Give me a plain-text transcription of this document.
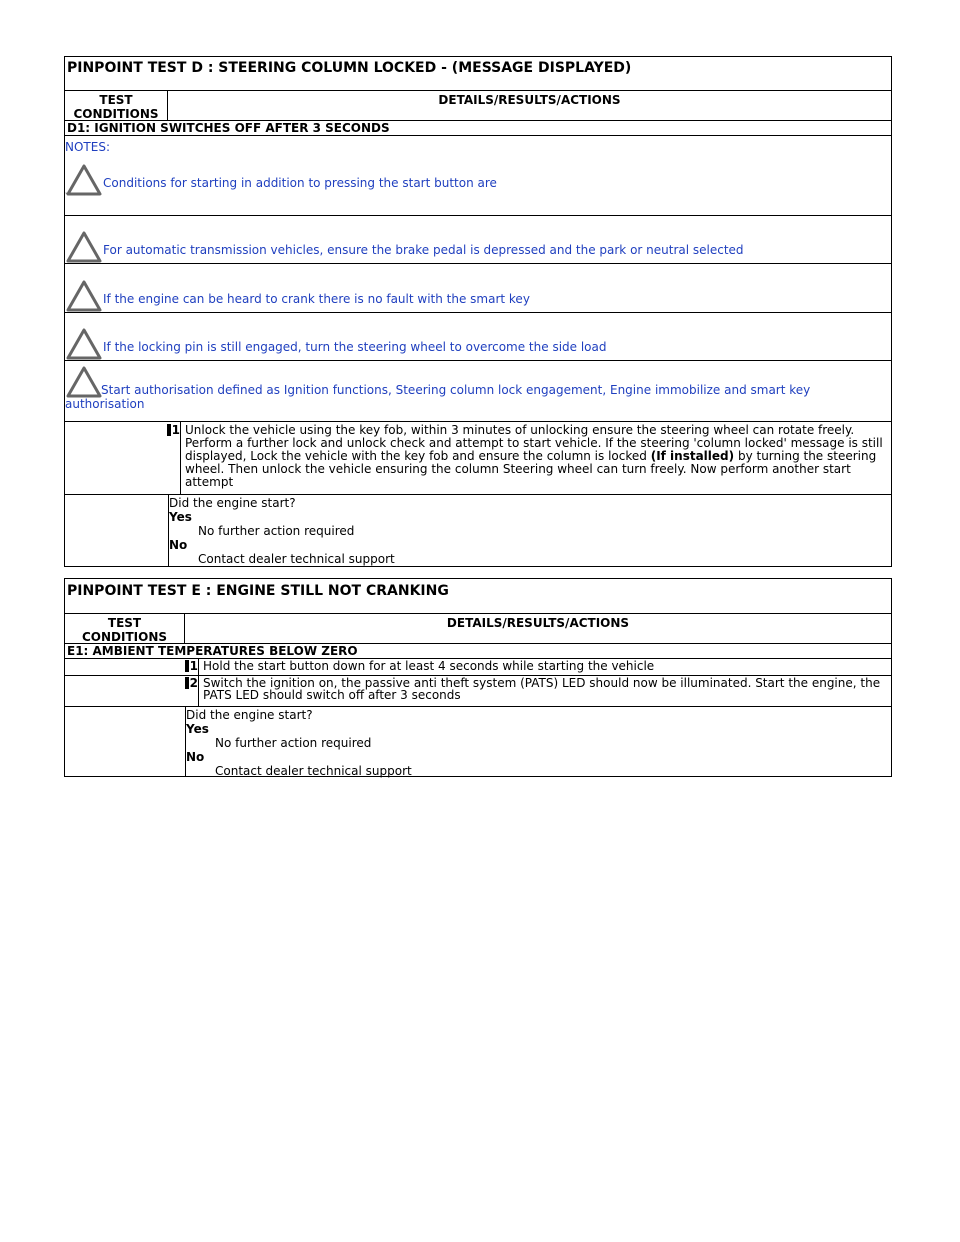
PINPOINT TEST D : STEERING COLUMN LOCKED - (MESSAGE DISPLAYED)
TEST CONDITIONS
DETAILS/RESULTS/ACTIONS
D1: IGNITION SWITCHES OFF AFTER 3 SECONDS
NOTES:
Conditions for starting in addition to pressing the start button are
For automatic transmission vehicles, ensure the brake pedal is depressed and the park or neutral selected
If the engine can be heard to crank there is no fault with the smart key
If the locking pin is still engaged, turn the steering wheel to overcome the side load
Start authorisation defined as Ignition functions, Steering column lock engagement, Engine immobilize and smart key authorisation
1 Unlock the vehicle using the key fob, within 3 minutes of unlocking ensure the steering wheel can rotate freely. Perform a further lock and unlock check and attempt to start vehicle. If the steering 'column locked' message is still displayed, Lock the vehicle with the key fob and ensure the column is locked (If installed) by turning the steering wheel. Then unlock the vehicle ensuring the column Steering wheel can turn freely. Now perform another start attempt
Did the engine start?
Yes
No further action required
No
Contact dealer technical support
PINPOINT TEST E : ENGINE STILL NOT CRANKING
TEST CONDITIONS
DETAILS/RESULTS/ACTIONS
E1: AMBIENT TEMPERATURES BELOW ZERO
1 Hold the start button down for at least 4 seconds while starting the vehicle
2 Switch the ignition on, the passive anti theft system (PATS) LED should now be illuminated. Start the engine, the PATS LED should switch off after 3 seconds
Did the engine start?
Yes
No further action required
No
Contact dealer technical support
